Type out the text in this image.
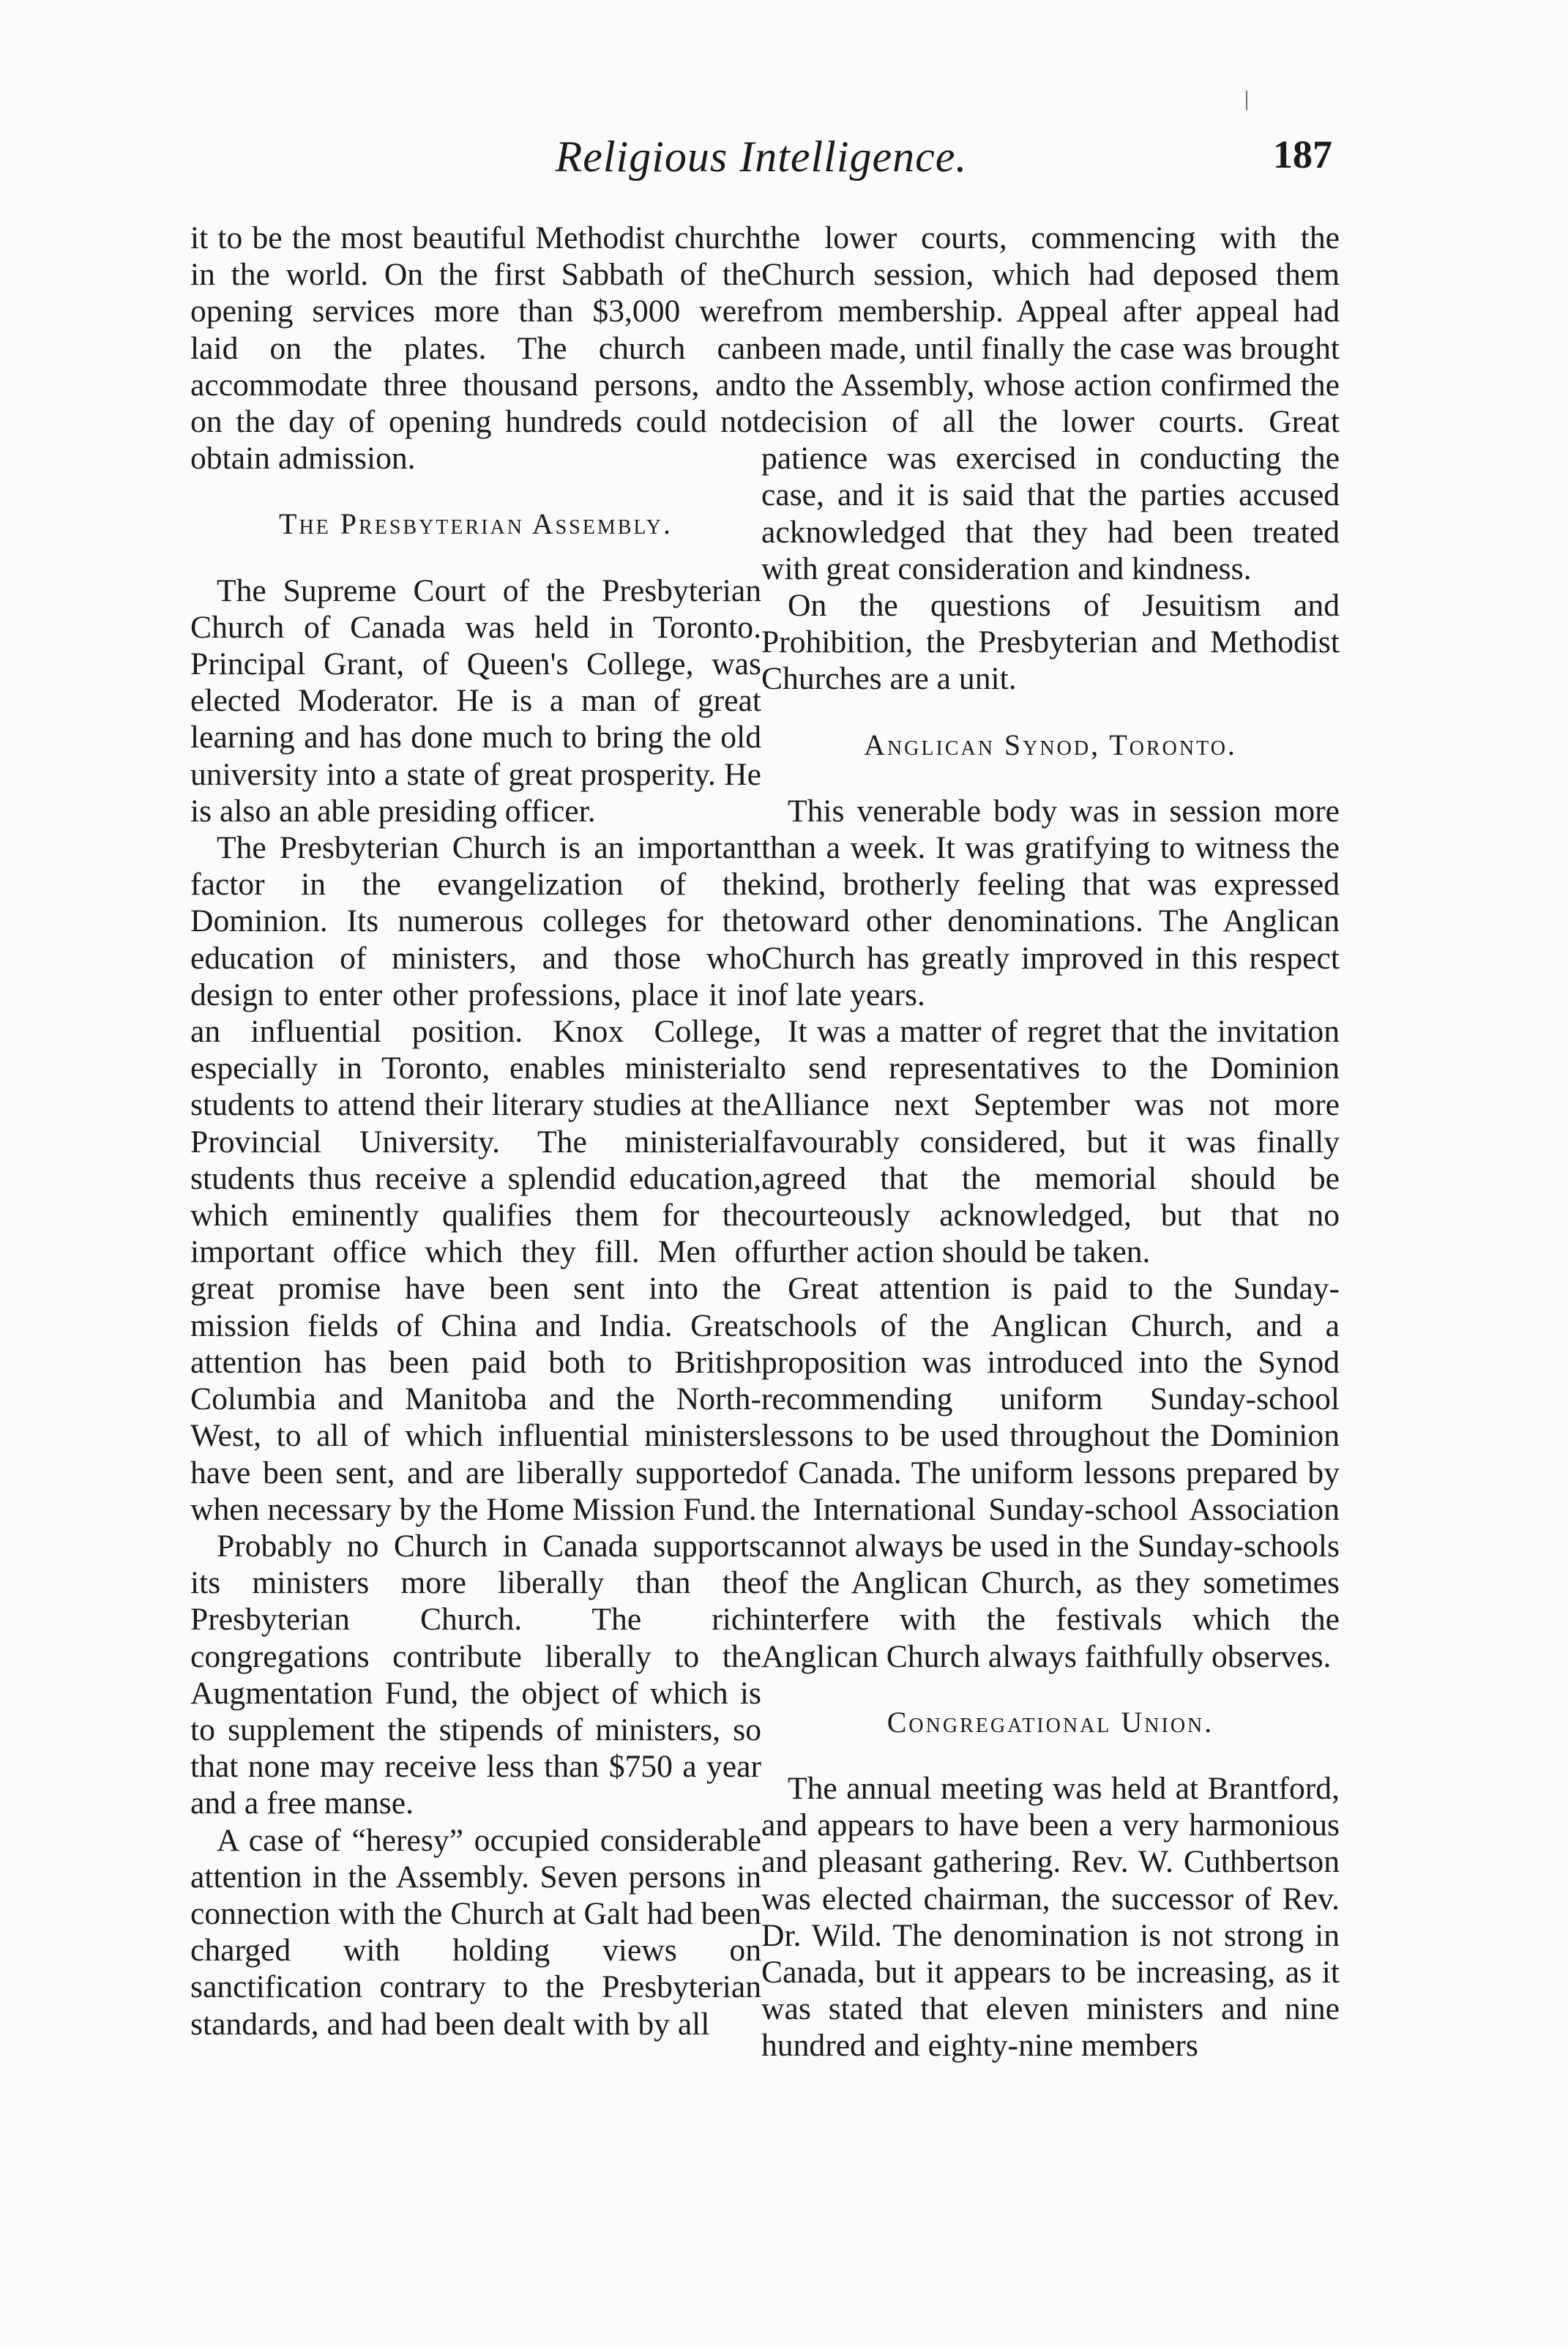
|
Religious Intelligence.	187

it to be the most beautiful Methodist church in the world. On the first Sabbath of the opening services more than $3,000 were laid on the plates. The church can accommodate three thousand persons, and on the day of opening hundreds could not obtain admission.

The Presbyterian Assembly.

The Supreme Court of the Presbyterian Church of Canada was held in Toronto. Principal Grant, of Queen's College, was elected Moderator. He is a man of great learning and has done much to bring the old university into a state of great prosperity. He is also an able presiding officer.

The Presbyterian Church is an important factor in the evangelization of the Dominion. Its numerous colleges for the education of ministers, and those who design to enter other professions, place it in an influential position. Knox College, especially in Toronto, enables ministerial students to attend their literary studies at the Provincial University. The ministerial students thus receive a splendid education, which eminently qualifies them for the important office which they fill. Men of great promise have been sent into the mission fields of China and India. Great attention has been paid both to British Columbia and Manitoba and the North-West, to all of which influential ministers have been sent, and are liberally supported when necessary by the Home Mission Fund.

Probably no Church in Canada supports its ministers more liberally than the Presbyterian Church. The rich congregations contribute liberally to the Augmentation Fund, the object of which is to supplement the stipends of ministers, so that none may receive less than $750 a year and a free manse.

A case of “heresy” occupied considerable attention in the Assembly. Seven persons in connection with the Church at Galt had been charged with holding views on sanctification contrary to the Presbyterian standards, and had been dealt with by all

the lower courts, commencing with the Church session, which had deposed them from membership. Appeal after appeal had been made, until finally the case was brought to the Assembly, whose action confirmed the decision of all the lower courts. Great patience was exercised in conducting the case, and it is said that the parties accused acknowledged that they had been treated with great consideration and kindness.

On the questions of Jesuitism and Prohibition, the Presbyterian and Methodist Churches are a unit.

Anglican Synod, Toronto.

This venerable body was in session more than a week. It was gratifying to witness the kind, brotherly feeling that was expressed toward other denominations. The Anglican Church has greatly improved in this respect of late years.

It was a matter of regret that the invitation to send representatives to the Dominion Alliance next September was not more favourably considered, but it was finally agreed that the memorial should be courteously acknowledged, but that no further action should be taken.

Great attention is paid to the Sunday-schools of the Anglican Church, and a proposition was introduced into the Synod recommending uniform Sunday-school lessons to be used throughout the Dominion of Canada. The uniform lessons prepared by the International Sunday-school Association cannot always be used in the Sunday-schools of the Anglican Church, as they sometimes interfere with the festivals which the Anglican Church always faithfully observes.

Congregational Union.

The annual meeting was held at Brantford, and appears to have been a very harmonious and pleasant gathering. Rev. W. Cuthbertson was elected chairman, the successor of Rev. Dr. Wild. The denomination is not strong in Canada, but it appears to be increasing, as it was stated that eleven ministers and nine hundred and eighty-nine members
